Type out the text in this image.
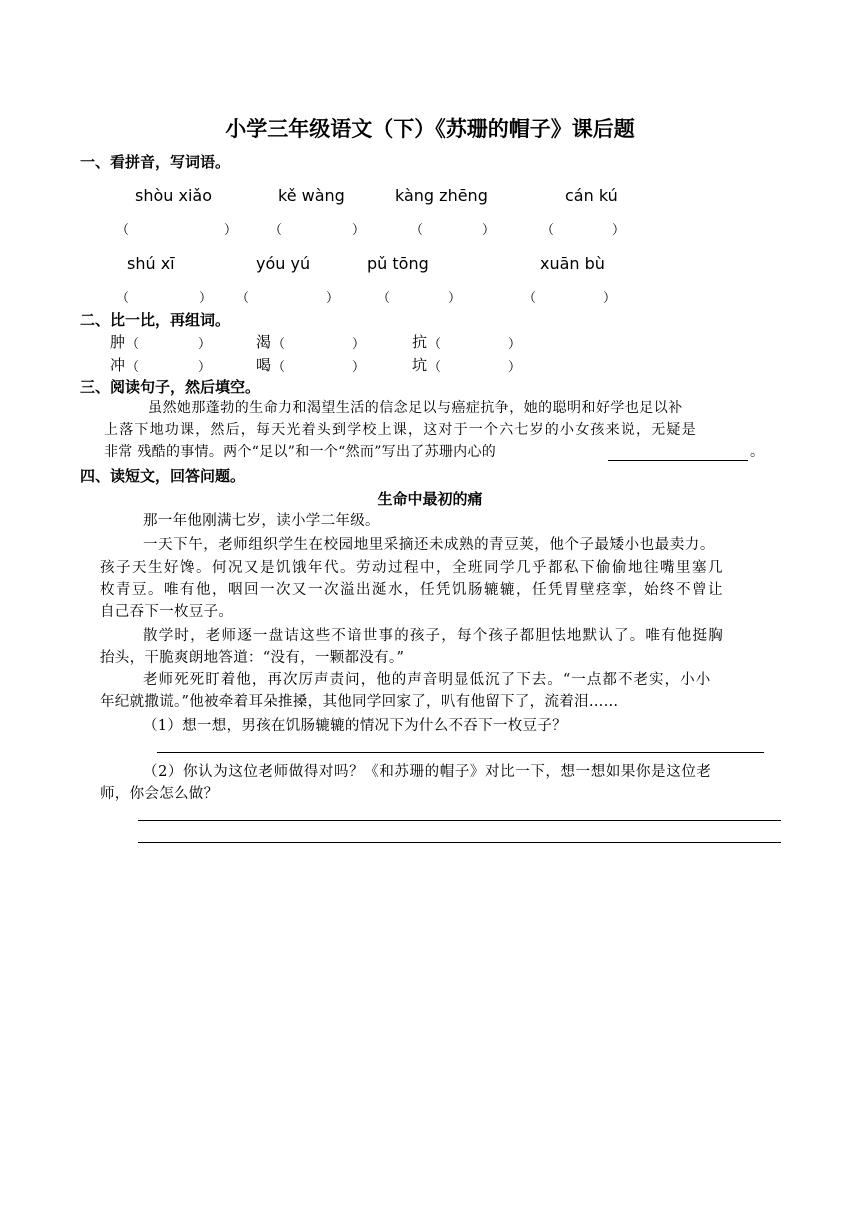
小学三年级语文（下）《苏珊的帽子》课后题
一、看拼音，写词语。
shòu xiǎo	kě wàng	kàng zhēng	cán kú
（	） （	）	（	）	（	）
shú xī	yóu yú	pǔ tōng	xuān bù
（	） （	）	（	）	（	）
二、比一比，再组词。
肿 （	）	渴 （	）	抗 （	）
冲 （	）	喝 （	）	坑 （	）
三、阅读句子，然后填空。
虽然她那蓬勃的生命力和渴望生活的信念足以与癌症抗争，她的聪明和好学也足以补
上落下地功课，然后，每天光着头到学校上课，这对于一个六七岁的小女孩来说，无疑是
非常 残酷的事情。两个“足以”和一个“然而”写出了苏珊内心的	。
四、读短文，回答问题。
生命中最初的痛
那一年他刚满七岁，读小学二年级。
一天下午，老师组织学生在校园地里采摘还未成熟的青豆荚，他个子最矮小也最卖力。
孩子天生好馋。何况又是饥饿年代。劳动过程中，全班同学几乎都私下偷偷地往嘴里塞几
枚青豆。唯有他，咽回一次又一次溢出涎水，任凭饥肠辘辘，任凭胃壁痉挛，始终不曾让
自己吞下一枚豆子。
散学时，老师逐一盘诘这些不谙世事的孩子，每个孩子都胆怯地默认了。唯有他挺胸
抬头，干脆爽朗地答道：“没有，一颗都没有。”
老师死死盯着他，再次厉声责问，他的声音明显低沉了下去。“一点都不老实，小小
年纪就撒谎。”他被牵着耳朵推搡，其他同学回家了，叭有他留下了，流着泪……
（1）想一想，男孩在饥肠辘辘的情况下为什么不吞下一枚豆子？
（2）你认为这位老师做得对吗？《和苏珊的帽子》对比一下，想一想如果你是这位老
师，你会怎么做？
